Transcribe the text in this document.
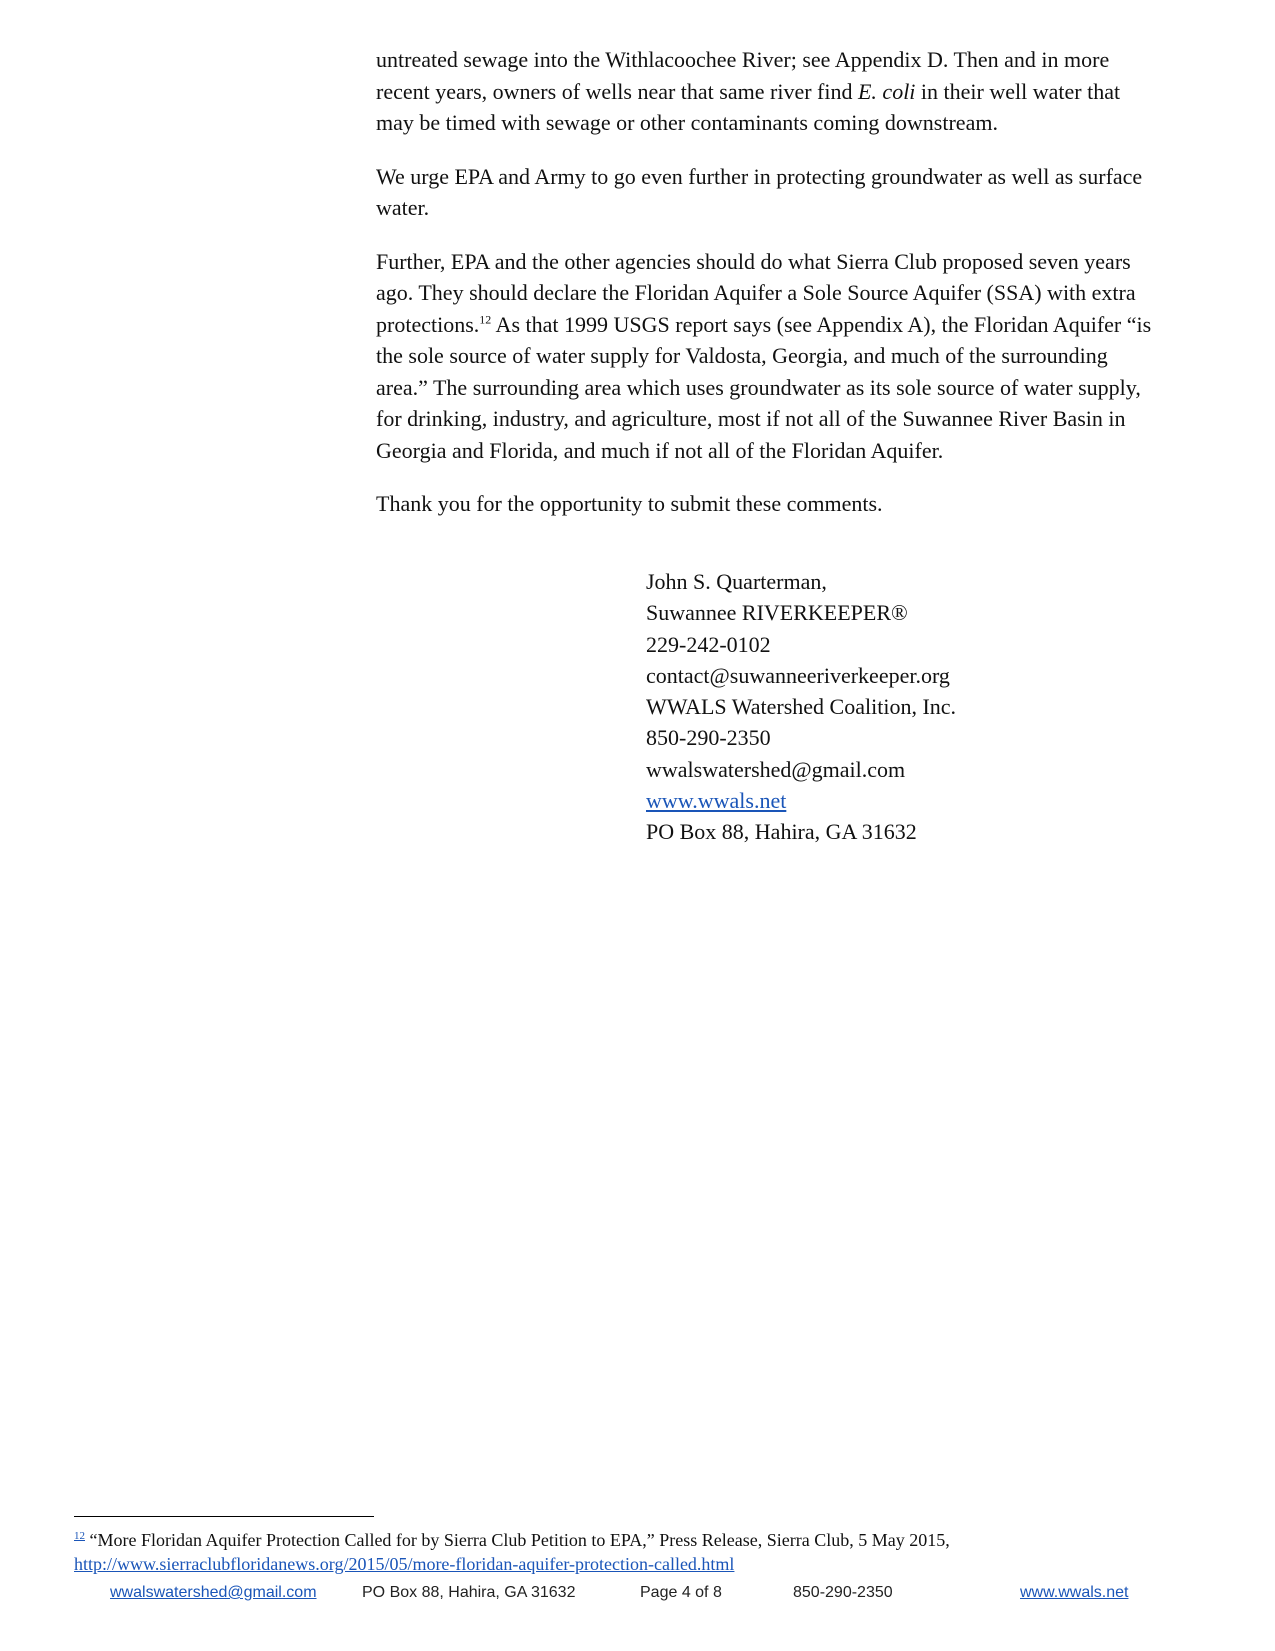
untreated sewage into the Withlacoochee River; see Appendix D. Then and in more recent years, owners of wells near that same river find E. coli in their well water that may be timed with sewage or other contaminants coming downstream.

We urge EPA and Army to go even further in protecting groundwater as well as surface water.

Further, EPA and the other agencies should do what Sierra Club proposed seven years ago. They should declare the Floridan Aquifer a Sole Source Aquifer (SSA) with extra protections.$^{12}$ As that 1999 USGS report says (see Appendix A), the Floridan Aquifer “is the sole source of water supply for Valdosta, Georgia, and much of the surrounding area.” The surrounding area which uses groundwater as its sole source of water supply, for drinking, industry, and agriculture, most if not all of the Suwannee River Basin in Georgia and Florida, and much if not all of the Floridan Aquifer.

Thank you for the opportunity to submit these comments.

John S. Quarterman,
Suwannee RIVERKEEPER®
229-242-0102
contact@suwanneeriverkeeper.org
WWALS Watershed Coalition, Inc.
850-290-2350
wwalswatershed@gmail.com
www.wwals.net
PO Box 88, Hahira, GA 31632
$^{12}$ “More Floridan Aquifer Protection Called for by Sierra Club Petition to EPA,” Press Release, Sierra Club, 5 May 2015,
http://www.sierraclubfloridanews.org/2015/05/more-floridan-aquifer-protection-called.html
wwalswatershed@gmail.com	PO Box 88, Hahira, GA 31632	Page 4 of 8	850-290-2350	www.wwals.net
